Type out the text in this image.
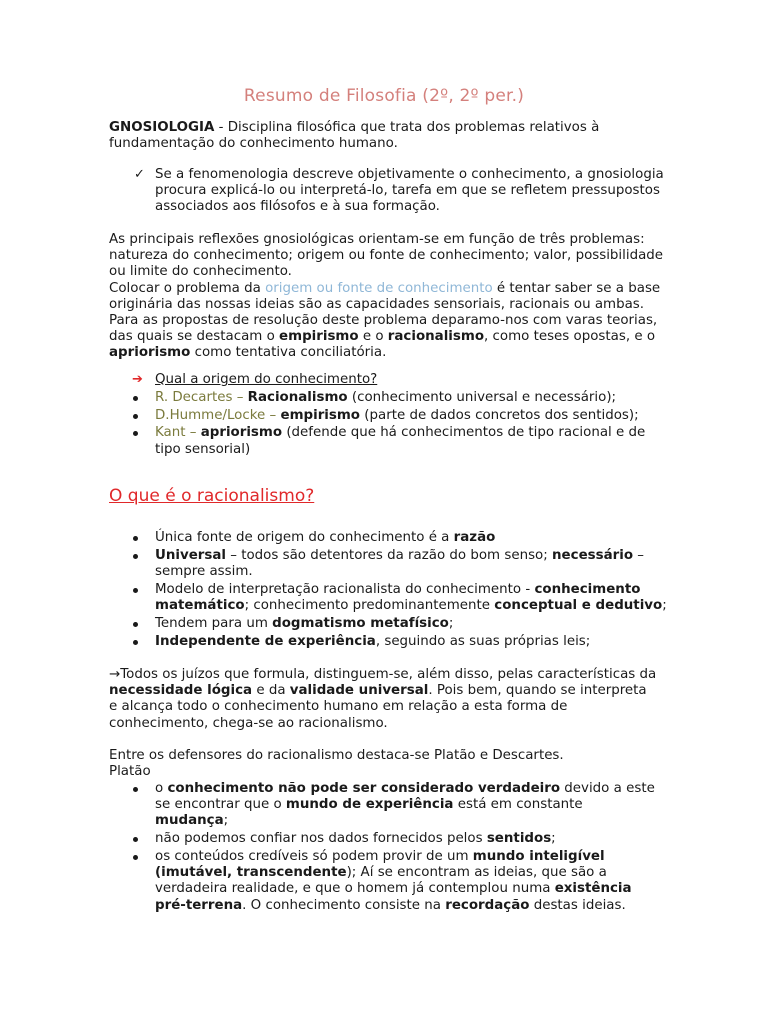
Resumo de Filosofia (2º, 2º per.)

GNOSIOLOGIA - Disciplina filosófica que trata dos problemas relativos à fundamentação do conhecimento humano.

✓ Se a fenomenologia descreve objetivamente o conhecimento, a gnosiologia procura explicá-lo ou interpretá-lo, tarefa em que se refletem pressupostos associados aos filósofos e à sua formação.

As principais reflexões gnosiológicas orientam-se em função de três problemas: natureza do conhecimento; origem ou fonte de conhecimento; valor, possibilidade ou limite do conhecimento.

Colocar o problema da origem ou fonte de conhecimento é tentar saber se a base originária das nossas ideias são as capacidades sensoriais, racionais ou ambas. Para as propostas de resolução deste problema deparamo-nos com varas teorias, das quais se destacam o empirismo e o racionalismo, como teses opostas, e o apriorismo como tentativa conciliatória.

➔ Qual a origem do conhecimento?
R. Decartes – Racionalismo (conhecimento universal e necessário);
D.Humme/Locke – empirismo (parte de dados concretos dos sentidos);
Kant – apriorismo (defende que há conhecimentos de tipo racional e de tipo sensorial)

O que é o racionalismo?

Única fonte de origem do conhecimento é a razão
Universal – todos são detentores da razão do bom senso; necessário – sempre assim.
Modelo de interpretação racionalista do conhecimento - conhecimento matemático; conhecimento predominantemente conceptual e dedutivo;
Tendem para um dogmatismo metafísico;
Independente de experiência, seguindo as suas próprias leis;

→Todos os juízos que formula, distinguem-se, além disso, pelas características da necessidade lógica e da validade universal. Pois bem, quando se interpreta e alcança todo o conhecimento humano em relação a esta forma de conhecimento, chega-se ao racionalismo.

Entre os defensores do racionalismo destaca-se Platão e Descartes.

Platão

o conhecimento não pode ser considerado verdadeiro devido a este se encontrar que o mundo de experiência está em constante mudança;
não podemos confiar nos dados fornecidos pelos sentidos;
os conteúdos credíveis só podem provir de um mundo inteligível (imutável, transcendente); Aí se encontram as ideias, que são a verdadeira realidade, e que o homem já contemplou numa existência pré-terrena. O conhecimento consiste na recordação destas ideias.
